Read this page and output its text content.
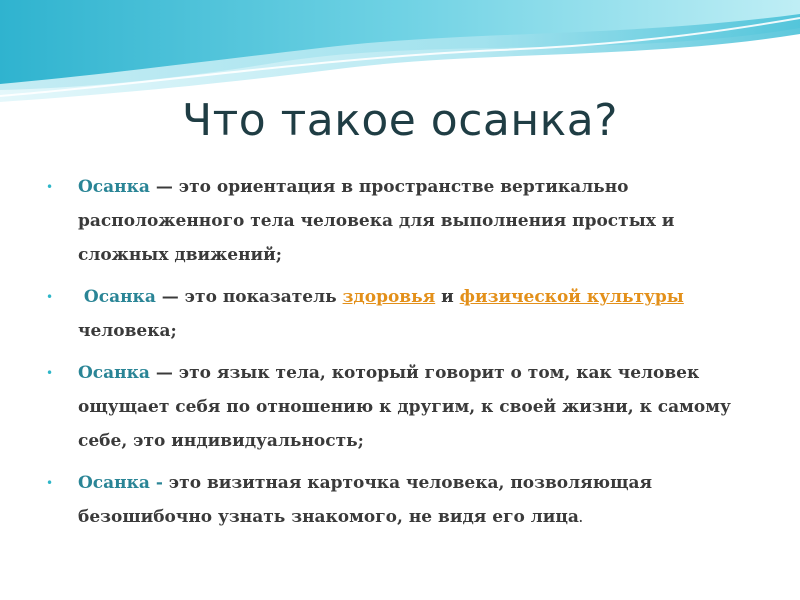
Что такое осанка?
• Осанка — это ориентация в пространстве вертикально расположенного тела человека для выполнения простых и сложных движений;
• Осанка — это показатель здоровья и физической культуры человека;
• Осанка — это язык тела, который говорит о том, как человек ощущает себя по отношению к другим, к своей жизни, к самому себе, это индивидуальность;
• Осанка - это визитная карточка человека, позволяющая безошибочно узнать знакомого, не видя его лица.
